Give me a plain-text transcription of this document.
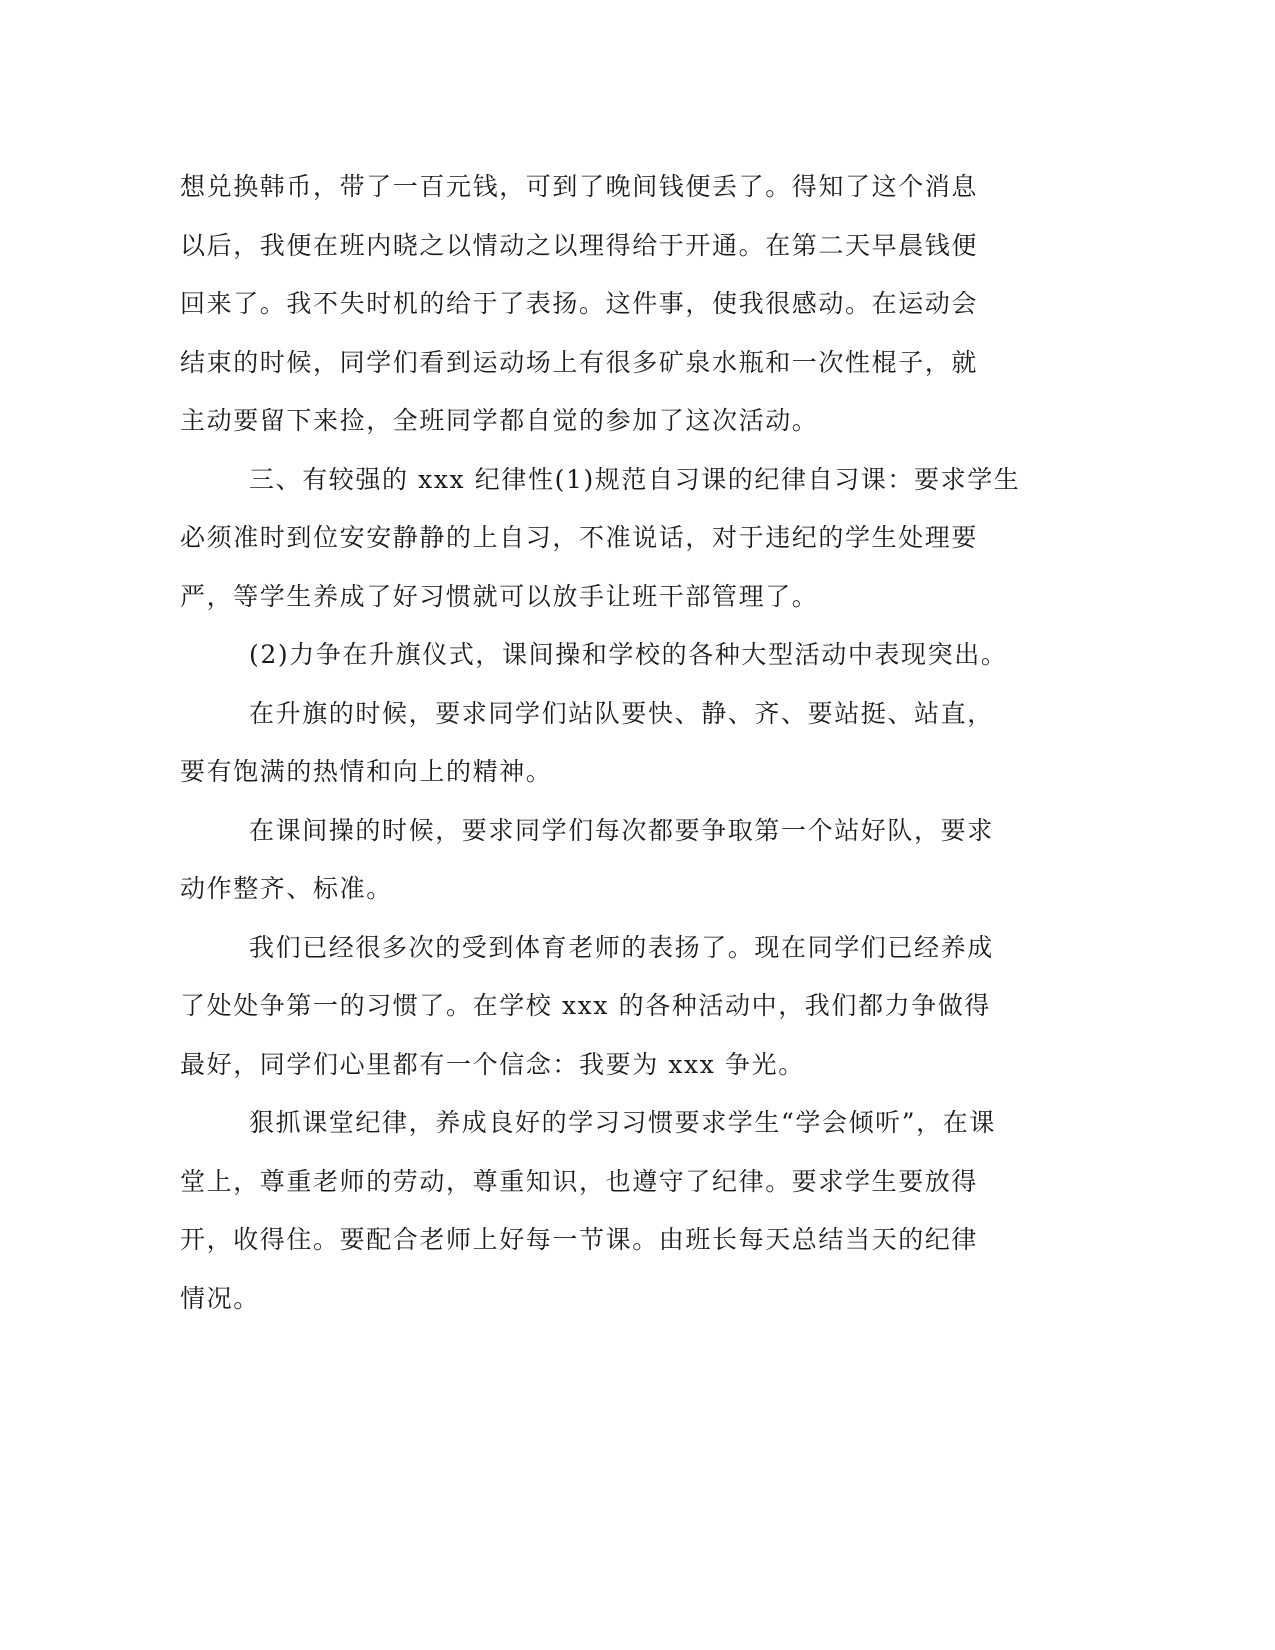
想兑换韩币，带了一百元钱，可到了晚间钱便丢了。得知了这个消息
以后，我便在班内晓之以情动之以理得给于开通。在第二天早晨钱便
回来了。我不失时机的给于了表扬。这件事，使我很感动。在运动会
结束的时候，同学们看到运动场上有很多矿泉水瓶和一次性棍子，就
主动要留下来捡，全班同学都自觉的参加了这次活动。

三、有较强的 xxx 纪律性(1)规范自习课的纪律自习课：要求学生
必须准时到位安安静静的上自习，不准说话，对于违纪的学生处理要
严，等学生养成了好习惯就可以放手让班干部管理了。

(2)力争在升旗仪式，课间操和学校的各种大型活动中表现突出。

在升旗的时候，要求同学们站队要快、静、齐、要站挺、站直，
要有饱满的热情和向上的精神。

在课间操的时候，要求同学们每次都要争取第一个站好队，要求
动作整齐、标准。

我们已经很多次的受到体育老师的表扬了。现在同学们已经养成
了处处争第一的习惯了。在学校 xxx 的各种活动中，我们都力争做得
最好，同学们心里都有一个信念：我要为 xxx 争光。

狠抓课堂纪律，养成良好的学习习惯要求学生“学会倾听”，在课
堂上，尊重老师的劳动，尊重知识，也遵守了纪律。要求学生要放得
开，收得住。要配合老师上好每一节课。由班长每天总结当天的纪律
情况。
